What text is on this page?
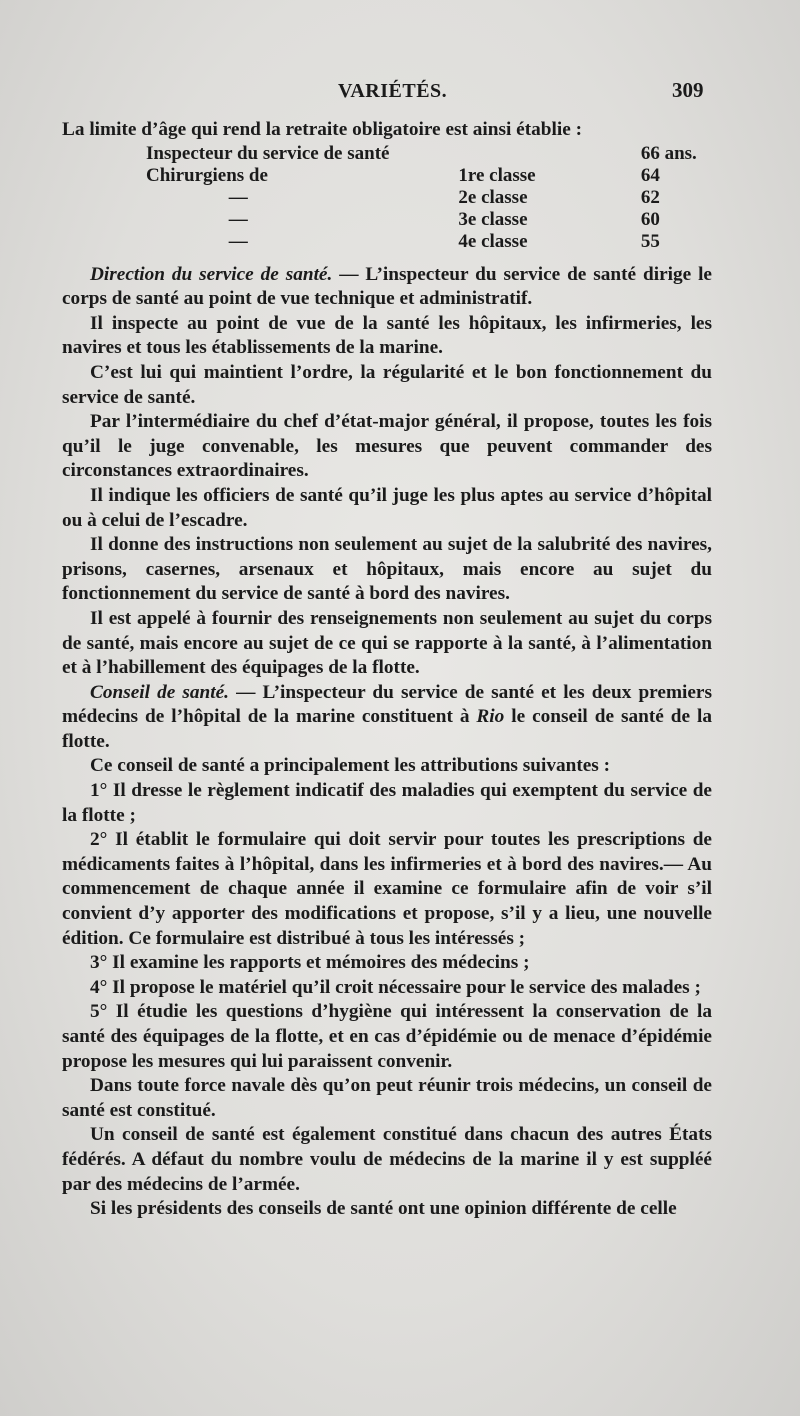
VARIÉTÉS.	309

La limite d’âge qui rend la retraite obligatoire est ainsi établie :

Inspecteur du service de santé		66 ans.
Chirurgiens de	1re classe	64
—	2e classe	62
—	3e classe	60
—	4e classe	55

Direction du service de santé. — L’inspecteur du service de santé dirige le corps de santé au point de vue technique et administratif.

Il inspecte au point de vue de la santé les hôpitaux, les infirmeries, les navires et tous les établissements de la marine.

C’est lui qui maintient l’ordre, la régularité et le bon fonctionnement du service de santé.

Par l’intermédiaire du chef d’état-major général, il propose, toutes les fois qu’il le juge convenable, les mesures que peuvent commander des circonstances extraordinaires.

Il indique les officiers de santé qu’il juge les plus aptes au service d’hôpital ou à celui de l’escadre.

Il donne des instructions non seulement au sujet de la salubrité des navires, prisons, casernes, arsenaux et hôpitaux, mais encore au sujet du fonctionnement du service de santé à bord des navires.

Il est appelé à fournir des renseignements non seulement au sujet du corps de santé, mais encore au sujet de ce qui se rapporte à la santé, à l’alimentation et à l’habillement des équipages de la flotte.

Conseil de santé. — L’inspecteur du service de santé et les deux premiers médecins de l’hôpital de la marine constituent à Rio le conseil de santé de la flotte.

Ce conseil de santé a principalement les attributions suivantes :

1° Il dresse le règlement indicatif des maladies qui exemptent du service de la flotte ;

2° Il établit le formulaire qui doit servir pour toutes les prescriptions de médicaments faites à l’hôpital, dans les infirmeries et à bord des navires.— Au commencement de chaque année il examine ce formulaire afin de voir s’il convient d’y apporter des modifications et propose, s’il y a lieu, une nouvelle édition. Ce formulaire est distribué à tous les intéressés ;

3° Il examine les rapports et mémoires des médecins ;

4° Il propose le matériel qu’il croit nécessaire pour le service des malades ;

5° Il étudie les questions d’hygiène qui intéressent la conservation de la santé des équipages de la flotte, et en cas d’épidémie ou de menace d’épidémie propose les mesures qui lui paraissent convenir.

Dans toute force navale dès qu’on peut réunir trois médecins, un conseil de santé est constitué.

Un conseil de santé est également constitué dans chacun des autres États fédérés. A défaut du nombre voulu de médecins de la marine il y est suppléé par des médecins de l’armée.

Si les présidents des conseils de santé ont une opinion différente de celle
